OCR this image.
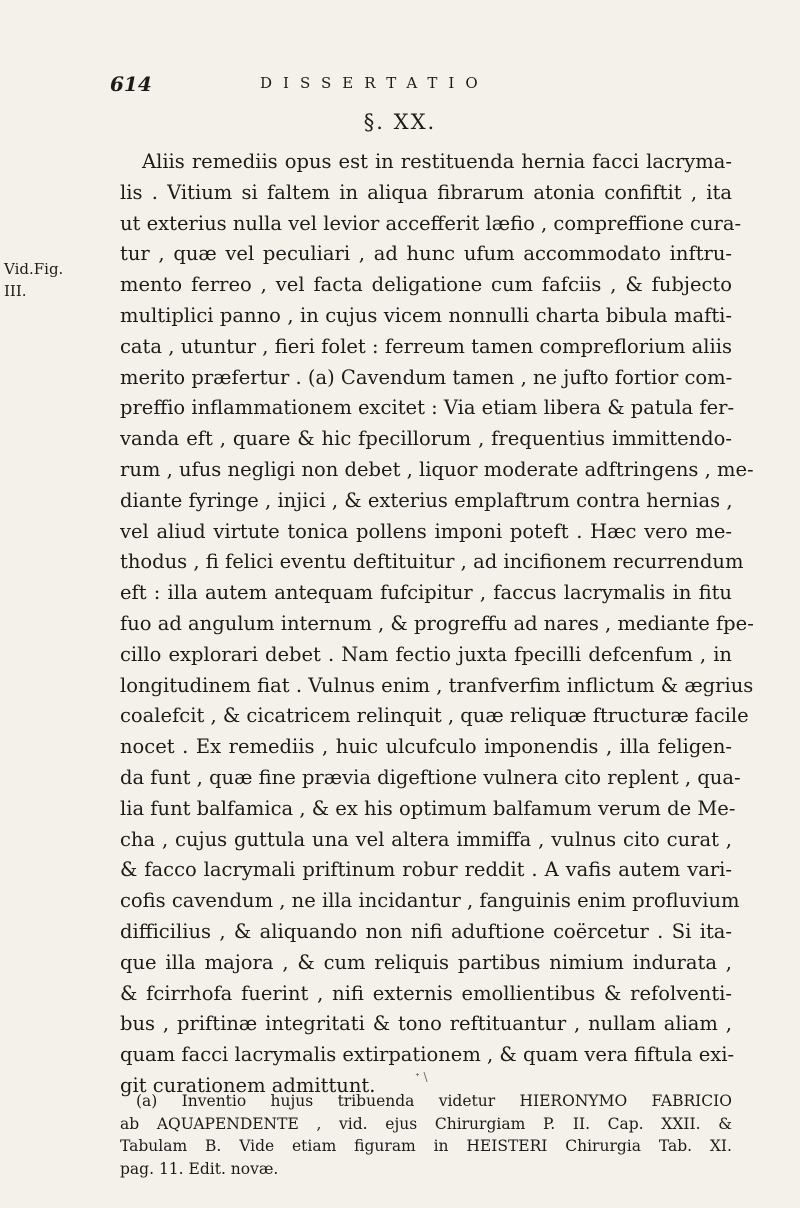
614	DISSERTATIO
§. XX.
Vid.Fig.
III.
Aliis remediis opus est in restituenda hernia facci lacryma-
lis . Vitium si faltem in aliqua fibrarum atonia confiftit , ita
ut exterius nulla vel levior accefferit læfio , compreffione cura-
tur , quæ vel peculiari , ad hunc ufum accommodato inftru-
mento ferreo , vel facta deligatione cum fafciis , & fubjecto
multiplici panno , in cujus vicem nonnulli charta bibula mafti-
cata , utuntur , fieri folet : ferreum tamen compreflorium aliis
merito præfertur . (a) Cavendum tamen , ne jufto fortior com-
preffio inflammationem excitet : Via etiam libera & patula fer-
vanda eft , quare & hic fpecillorum , frequentius immittendo-
rum , ufus negligi non debet , liquor moderate adftringens , me-
diante fyringe , injici , & exterius emplaftrum contra hernias ,
vel aliud virtute tonica pollens imponi poteft . Hæc vero me-
thodus , fi felici eventu deftituitur , ad incifionem recurrendum
eft : illa autem antequam fufcipitur , faccus lacrymalis in fitu
fuo ad angulum internum , & progreffu ad nares , mediante fpe-
cillo explorari debet . Nam fectio juxta fpecilli defcenfum , in
longitudinem fiat . Vulnus enim , tranfverfim inflictum & ægrius
coalefcit , & cicatricem relinquit , quæ reliquæ ftructuræ facile
nocet . Ex remediis , huic ulcufculo imponendis , illa feligen-
da funt , quæ fine prævia digeftione vulnera cito replent , qua-
lia funt balfamica , & ex his optimum balfamum verum de Me-
cha , cujus guttula una vel altera immiffa , vulnus cito curat ,
& facco lacrymali priftinum robur reddit . A vafis autem vari-
cofis cavendum , ne illa incidantur , fanguinis enim profluvium
difficilius , & aliquando non nifi aduftione coërcetur . Si ita-
que illa majora , & cum reliquis partibus nimium indurata ,
& fcirrhofa fuerint , nifi externis emollientibus & refolventi-
bus , priftinæ integritati & tono reftituantur , nullam aliam ,
quam facci lacrymalis extirpationem , & quam vera fiftula exi-
git curationem admittunt.	ᐩ \
(a) Inventio hujus tribuenda videtur HIERONYMO FABRICIO
ab AQUAPENDENTE , vid. ejus Chirurgiam P. II. Cap. XXII. &
Tabulam B. Vide etiam figuram in HEISTERI Chirurgia Tab. XI.
pag. 11. Edit. novæ.
